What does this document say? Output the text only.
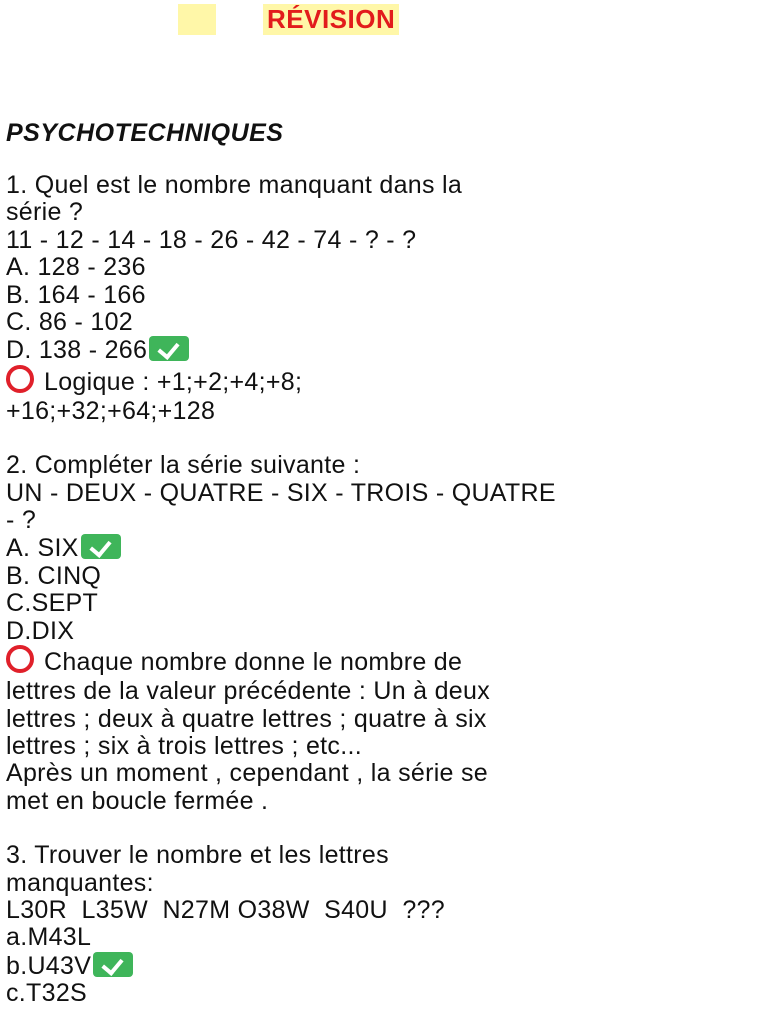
RÉVISION
PSYCHOTECHNIQUES
1. Quel est le nombre manquant dans la
série ?
11 - 12 - 14 - 18 - 26 - 42 - 74 - ? - ?
A. 128 - 236
B. 164 - 166
C. 86 - 102
D. 138 - 266
Logique : +1;+2;+4;+8;
+16;+32;+64;+128
2. Compléter la série suivante :
UN - DEUX - QUATRE - SIX - TROIS - QUATRE
- ?
A. SIX
B. CINQ
C.SEPT
D.DIX
Chaque nombre donne le nombre de
lettres de la valeur précédente : Un à deux
lettres ; deux à quatre lettres ; quatre à six
lettres ; six à trois lettres ; etc...
Après un moment , cependant , la série se
met en boucle fermée .
3. Trouver le nombre et les lettres
manquantes:
L30R  L35W  N27M O38W  S40U  ???
a.M43L
b.U43V
c.T32S
